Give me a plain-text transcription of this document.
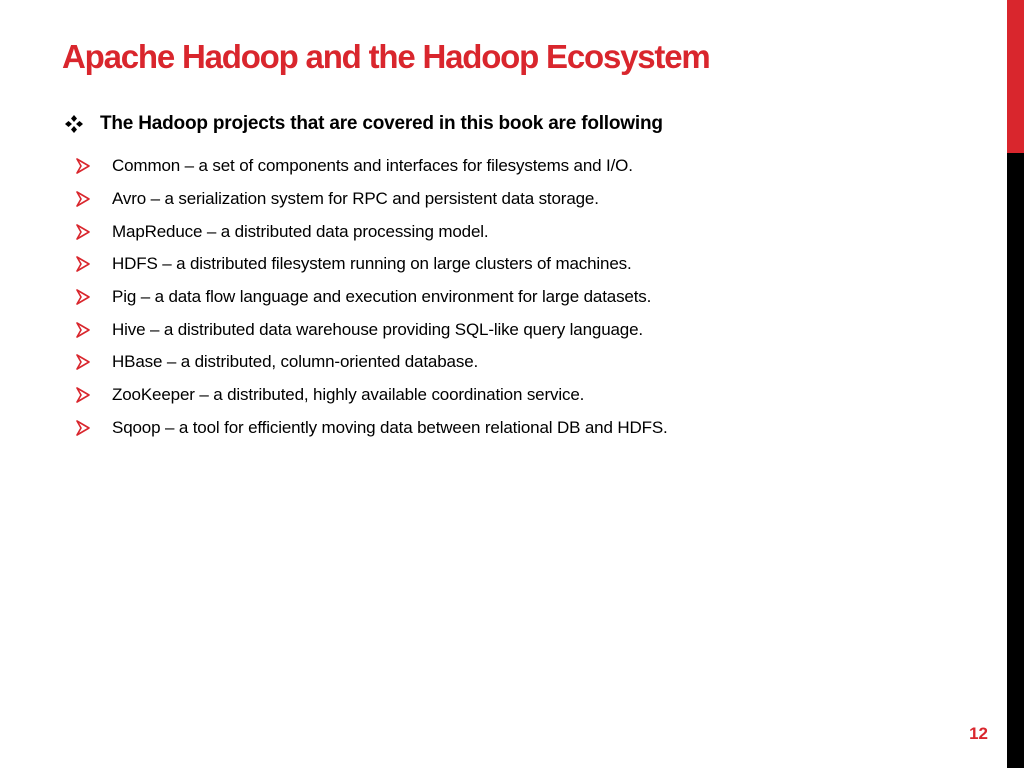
Apache Hadoop and the Hadoop Ecosystem
The Hadoop projects that are covered in this book are following
Common – a set of components and interfaces for filesystems and I/O.
Avro – a serialization system for RPC and persistent data storage.
MapReduce – a distributed data processing model.
HDFS – a distributed filesystem running on large clusters of machines.
Pig – a data flow language and execution environment for large datasets.
Hive – a distributed data warehouse providing SQL-like query language.
HBase – a distributed, column-oriented database.
ZooKeeper – a distributed, highly available coordination service.
Sqoop – a tool for efficiently moving data between relational DB and HDFS.
12
